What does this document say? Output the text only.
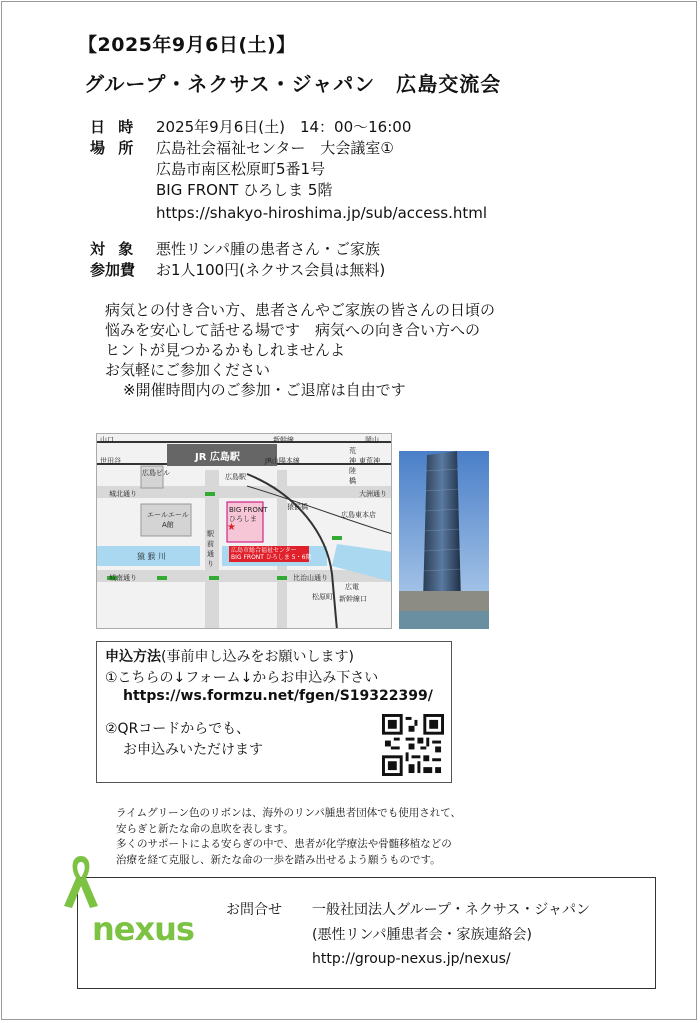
【2025年9月6日(土)】
グループ・ネクサス・ジャパン　広島交流会
日 時 2025年9月6日(土)　14：00〜16:00
場 所 広島社会福祉センター　大会議室①
広島市南区松原町5番1号
BIG FRONT ひろしま 5階
https://shakyo-hiroshima.jp/sub/access.html
対 象 悪性リンパ腫の患者さん・ご家族
参加費 お1人100円(ネクサス会員は無料)
病気との付き合い方、患者さんやご家族の皆さんの日頃の
悩みを安心して話せる場です　病気への向き合い方への
ヒントが見つかるかもしれませんよ
お気軽にご参加ください
※開催時間内のご参加・ご退席は自由です
★
山口	新幹線	岡山
JR 広島駅
世田谷	JR山陽本線	東荒神
広島ビル	広島駅
城北通り
猿猴橋
大洲通り
エールエール
A館
BIG FRONT
ひろしま
駅前通り
猿 猴 川
広島東本店
城南通り	比治山通り
広島市総合福祉センター
BIG FRONT ひろしま 5・6階
松原町 新幹線口
広電
荒神陸橋
申込方法(事前申し込みをお願いします)
①こちらの↓フォーム↓からお申込み下さい
https://ws.formzu.net/fgen/S19322399/
②QRコードからでも、
お申込みいただけます
ライムグリーン色のリボンは、海外のリンパ腫患者団体でも使用されて、
安らぎと新たな命の息吹を表します。
多くのサポートによる安らぎの中で、患者が化学療法や骨髄移植などの
治療を経て克服し、新たな命の一歩を踏み出せるよう願うものです。
nexus お問合せ 一般社団法人グループ・ネクサス・ジャパン
(悪性リンパ腫患者会・家族連絡会)
http://group-nexus.jp/nexus/
